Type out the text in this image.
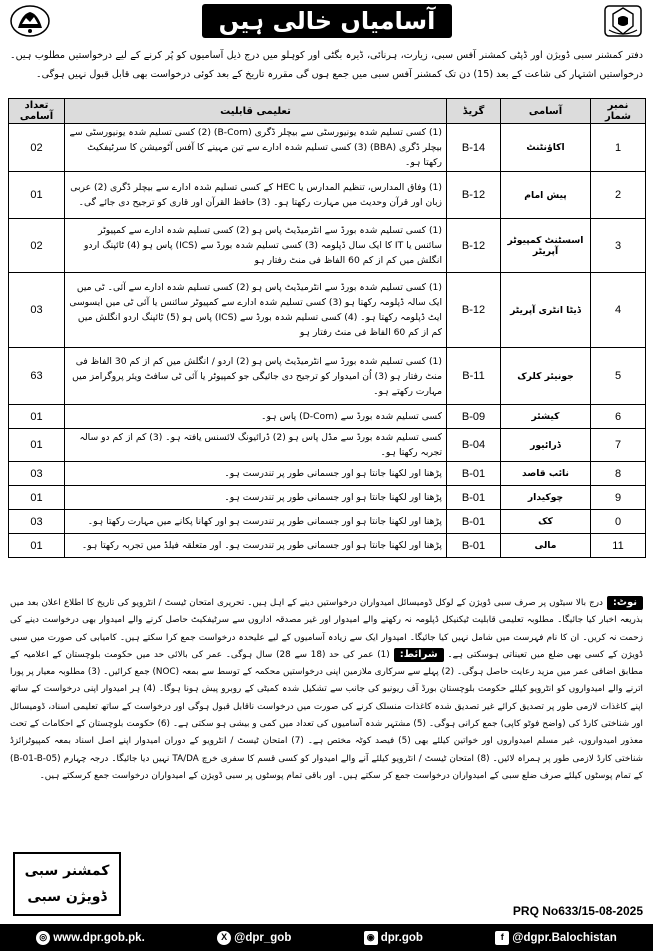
آسامیاں خالی ہیں
دفتر کمشنر سبی ڈویژن اور ڈپٹی کمشنر آفس سبی، زیارت، ہرنائی، ڈیرہ بگٹی اور کوہلو میں درج ذیل آسامیوں کو پُر کرنے کے لیے درخواستیں مطلوب ہیں۔ درخواستیں اشتہار کی شاعت کے بعد (15) دن تک کمشنر آفس سبی میں جمع ہوں گی مقررہ تاریخ کے بعد کوئی درخواست بھی قابل قبول نہیں ہوگی۔
نمبر شمار	آسامی	گریڈ	تعلیمی قابلیت	تعداد آسامی
1	اکاؤنٹنٹ	B-14	(1) کسی تسلیم شدہ یونیورسٹی سے بیچلر ڈگری (B-Com) (2) کسی تسلیم شدہ یونیورسٹی سے بیچلر ڈگری (BBA) (3) کسی تسلیم شدہ ادارے سے تین مہینے کا آفس آٹومیشن کا سرٹیفکیٹ رکھتا ہو۔	02
2	پیش امام	B-12	(1) وفاق المدارس، تنظیم المدارس یا HEC کے کسی تسلیم شدہ ادارے سے بیچلر ڈگری (2) عربی زبان اور قرآن وحدیث میں مہارت رکھتا ہو۔ (3) حافظ القرآن اور قاری کو ترجیح دی جائے گی۔	01
3	اسسٹنٹ کمپیوٹر آپریٹر	B-12	(1) کسی تسلیم شدہ بورڈ سے انٹرمیڈیٹ پاس ہو (2) کسی تسلیم شدہ ادارے سے کمپیوٹر سائنس یا IT کا ایک سال ڈپلومہ (3) کسی تسلیم شدہ بورڈ سے (ICS) پاس ہو (4) ٹائپنگ اردو انگلش میں کم از کم 60 الفاظ فی منٹ رفتار ہو	02
4	ڈیٹا انٹری آپریٹر	B-12	(1) کسی تسلیم شدہ بورڈ سے انٹرمیڈیٹ پاس ہو (2) کسی تسلیم شدہ ادارے سے آئی۔ ٹی میں ایک سالہ ڈپلومہ رکھتا ہو (3) کسی تسلیم شدہ ادارے سے کمپیوٹر سائنس یا آئی ٹی میں ایسوسی ایٹ ڈپلومہ رکھتا ہو۔ (4) کسی تسلیم شدہ بورڈ سے (ICS) پاس ہو (5) ٹائپنگ اردو انگلش میں کم از کم 60 الفاظ فی منٹ رفتار ہو	03
5	جونیئر کلرک	B-11	(1) کسی تسلیم شدہ بورڈ سے انٹرمیڈیٹ پاس ہو (2) اردو / انگلش میں کم از کم 30 الفاظ فی منٹ رفتار ہو (3) اُن امیدوار کو ترجیح دی جائیگی جو کمپیوٹر یا آئی ٹی سافٹ ویئر پروگرامز میں مہارت رکھتے ہو۔	63
6	کیشئر	B-09	کسی تسلیم شدہ بورڈ سے (D-Com) پاس ہو۔	01
7	ڈرائیور	B-04	کسی تسلیم شدہ بورڈ سے مڈل پاس ہو (2) ڈرائیونگ لائسنس یافتہ ہو۔ (3) کم از کم دو سالہ تجربہ رکھتا ہو۔	01
8	نائب قاصد	B-01	پڑھنا اور لکھنا جانتا ہو اور جسمانی طور پر تندرست ہو۔	03
9	چوکیدار	B-01	پڑھنا اور لکھنا جانتا ہو اور جسمانی طور پر تندرست ہو۔	01
0	کک	B-01	پڑھنا اور لکھنا جانتا ہو اور جسمانی طور پر تندرست ہو اور کھانا پکانے میں مہارت رکھتا ہو۔	03
11	مالی	B-01	پڑھنا اور لکھنا جانتا ہو اور جسمانی طور پر تندرست ہو۔ اور متعلقہ فیلڈ میں تجربہ رکھتا ہو۔	01
نوٹ:درج بالا سیٹوں پر صرف سبی ڈویژن کے لوکل ڈومیسائل امیدواران درخواستیں دینے کے اہل ہیں۔ تحریری امتحان ٹیسٹ / انٹرویو کی تاریخ کا اطلاع اعلان بعد میں بذریعہ اخبار کیا جائیگا۔ مطلوبہ تعلیمی قابلیت ٹیکنیکل ڈپلومہ نہ رکھنے والے امیدوار اور غیر مصدقہ اداروں سے سرٹیفکیٹ حاصل کرنے والے امیدوار بھی درخواست دینے کی زحمت نہ کریں۔ ان کا نام فہرست میں شامل نہیں کیا جائیگا۔ امیدوار ایک سے زیادہ آسامیوں کے لیے علیحدہ درخواست جمع کرا سکتے ہیں۔ کامیابی کی صورت میں سبی ڈویژن کے کسی بھی ضلع میں تعیناتی ہوسکتی ہے۔ شرائط:(1) عمر کی حد (18 سے 28) سال ہوگی۔ عمر کی بالائی حد میں حکومت بلوچستان کے اعلامیہ کے مطابق اضافی عمر میں مزید رعایت حاصل ہوگی۔ (2) پہلے سے سرکاری ملازمین اپنی درخواستیں محکمہ کے توسط سے بمعہ (NOC) جمع کرائیں۔ (3) مطلوبہ معیار پر پورا اترنے والے امیدواروں کو انٹرویو کیلئے حکومت بلوچستان بورڈ آف ریونیو کی جانب سے تشکیل شدہ کمیٹی کے روبرو پیش ہونا ہوگا۔ (4) ہر امیدوار اپنی درخواست کے ساتھ اپنے کاغذات لازمی طور پر تصدیق کرائے غیر تصدیق شدہ کاغذات منسلک کرنے کی صورت میں درخواست ناقابل قبول ہوگی اور درخواست کے ساتھ تعلیمی اسناد، ڈومیسائل اور شناختی کارڈ کی (واضح فوٹو کاپی) جمع کرانی ہوگی۔ (5) مشتہر شدہ آسامیوں کی تعداد میں کمی و بیشی ہو سکتی ہے۔ (6) حکومت بلوچستان کے احکامات کے تحت معذور امیدواروں، غیر مسلم امیدواروں اور خواتین کیلئے بھی (5) فیصد کوٹہ مختص ہے۔ (7) امتحان ٹیسٹ / انٹرویو کے دوران امیدوار اپنے اصل اسناد بمعہ کمپیوٹرائزڈ شناختی کارڈ لازمی طور پر ہمراہ لائیں۔ (8) امتحان ٹیسٹ / انٹرویو کیلئے آنے والے امیدوار کو کسی قسم کا سفری خرچ TA/DA نہیں دیا جائیگا۔ درجہ چہارم (B-01-B-05) کے تمام پوسٹوں کیلئے صرف ضلع سبی کے امیدواران درخواست جمع کر سکتے ہیں۔ اور باقی تمام پوسٹوں پر سبی ڈویژن کے امیدواران درخواست جمع کرسکتے ہیں۔
کمشنر سبی
ڈویژن سبی
PRQ No633/15-08-2025
◎ www.dpr.gob.pk.	X @dpr_gob	◉ dpr.gob	f @dgpr.Balochistan
